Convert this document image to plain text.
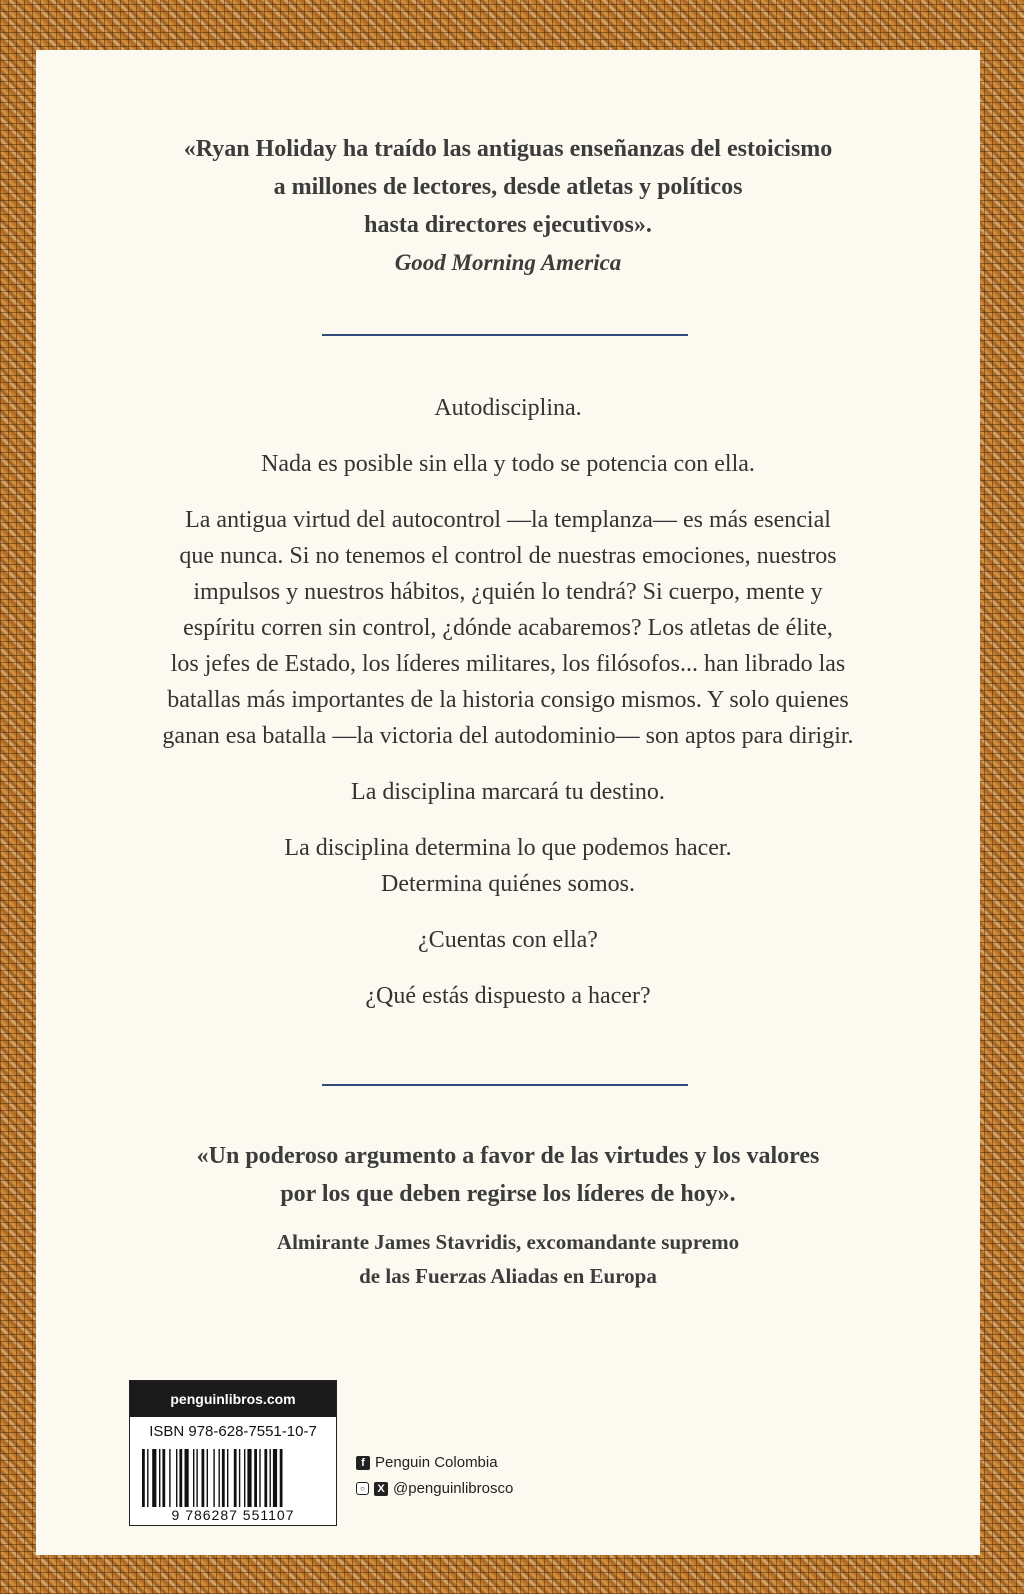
«Ryan Holiday ha traído las antiguas enseñanzas del estoicismo
a millones de lectores, desde atletas y políticos
hasta directores ejecutivos».
Good Morning America
Autodisciplina.
Nada es posible sin ella y todo se potencia con ella.
La antigua virtud del autocontrol —la templanza— es más esencial
que nunca. Si no tenemos el control de nuestras emociones, nuestros
impulsos y nuestros hábitos, ¿quién lo tendrá? Si cuerpo, mente y
espíritu corren sin control, ¿dónde acabaremos? Los atletas de élite,
los jefes de Estado, los líderes militares, los filósofos... han librado las
batallas más importantes de la historia consigo mismos. Y solo quienes
ganan esa batalla —la victoria del autodominio— son aptos para dirigir.
La disciplina marcará tu destino.
La disciplina determina lo que podemos hacer.
Determina quiénes somos.
¿Cuentas con ella?
¿Qué estás dispuesto a hacer?
«Un poderoso argumento a favor de las virtudes y los valores
por los que deben regirse los líderes de hoy».
Almirante James Stavridis, excomandante supremo
de las Fuerzas Aliadas en Europa
penguinlibros.com
ISBN 978-628-7551-10-7
9 786287 551107
f Penguin Colombia
○	X @penguinlibrosco
